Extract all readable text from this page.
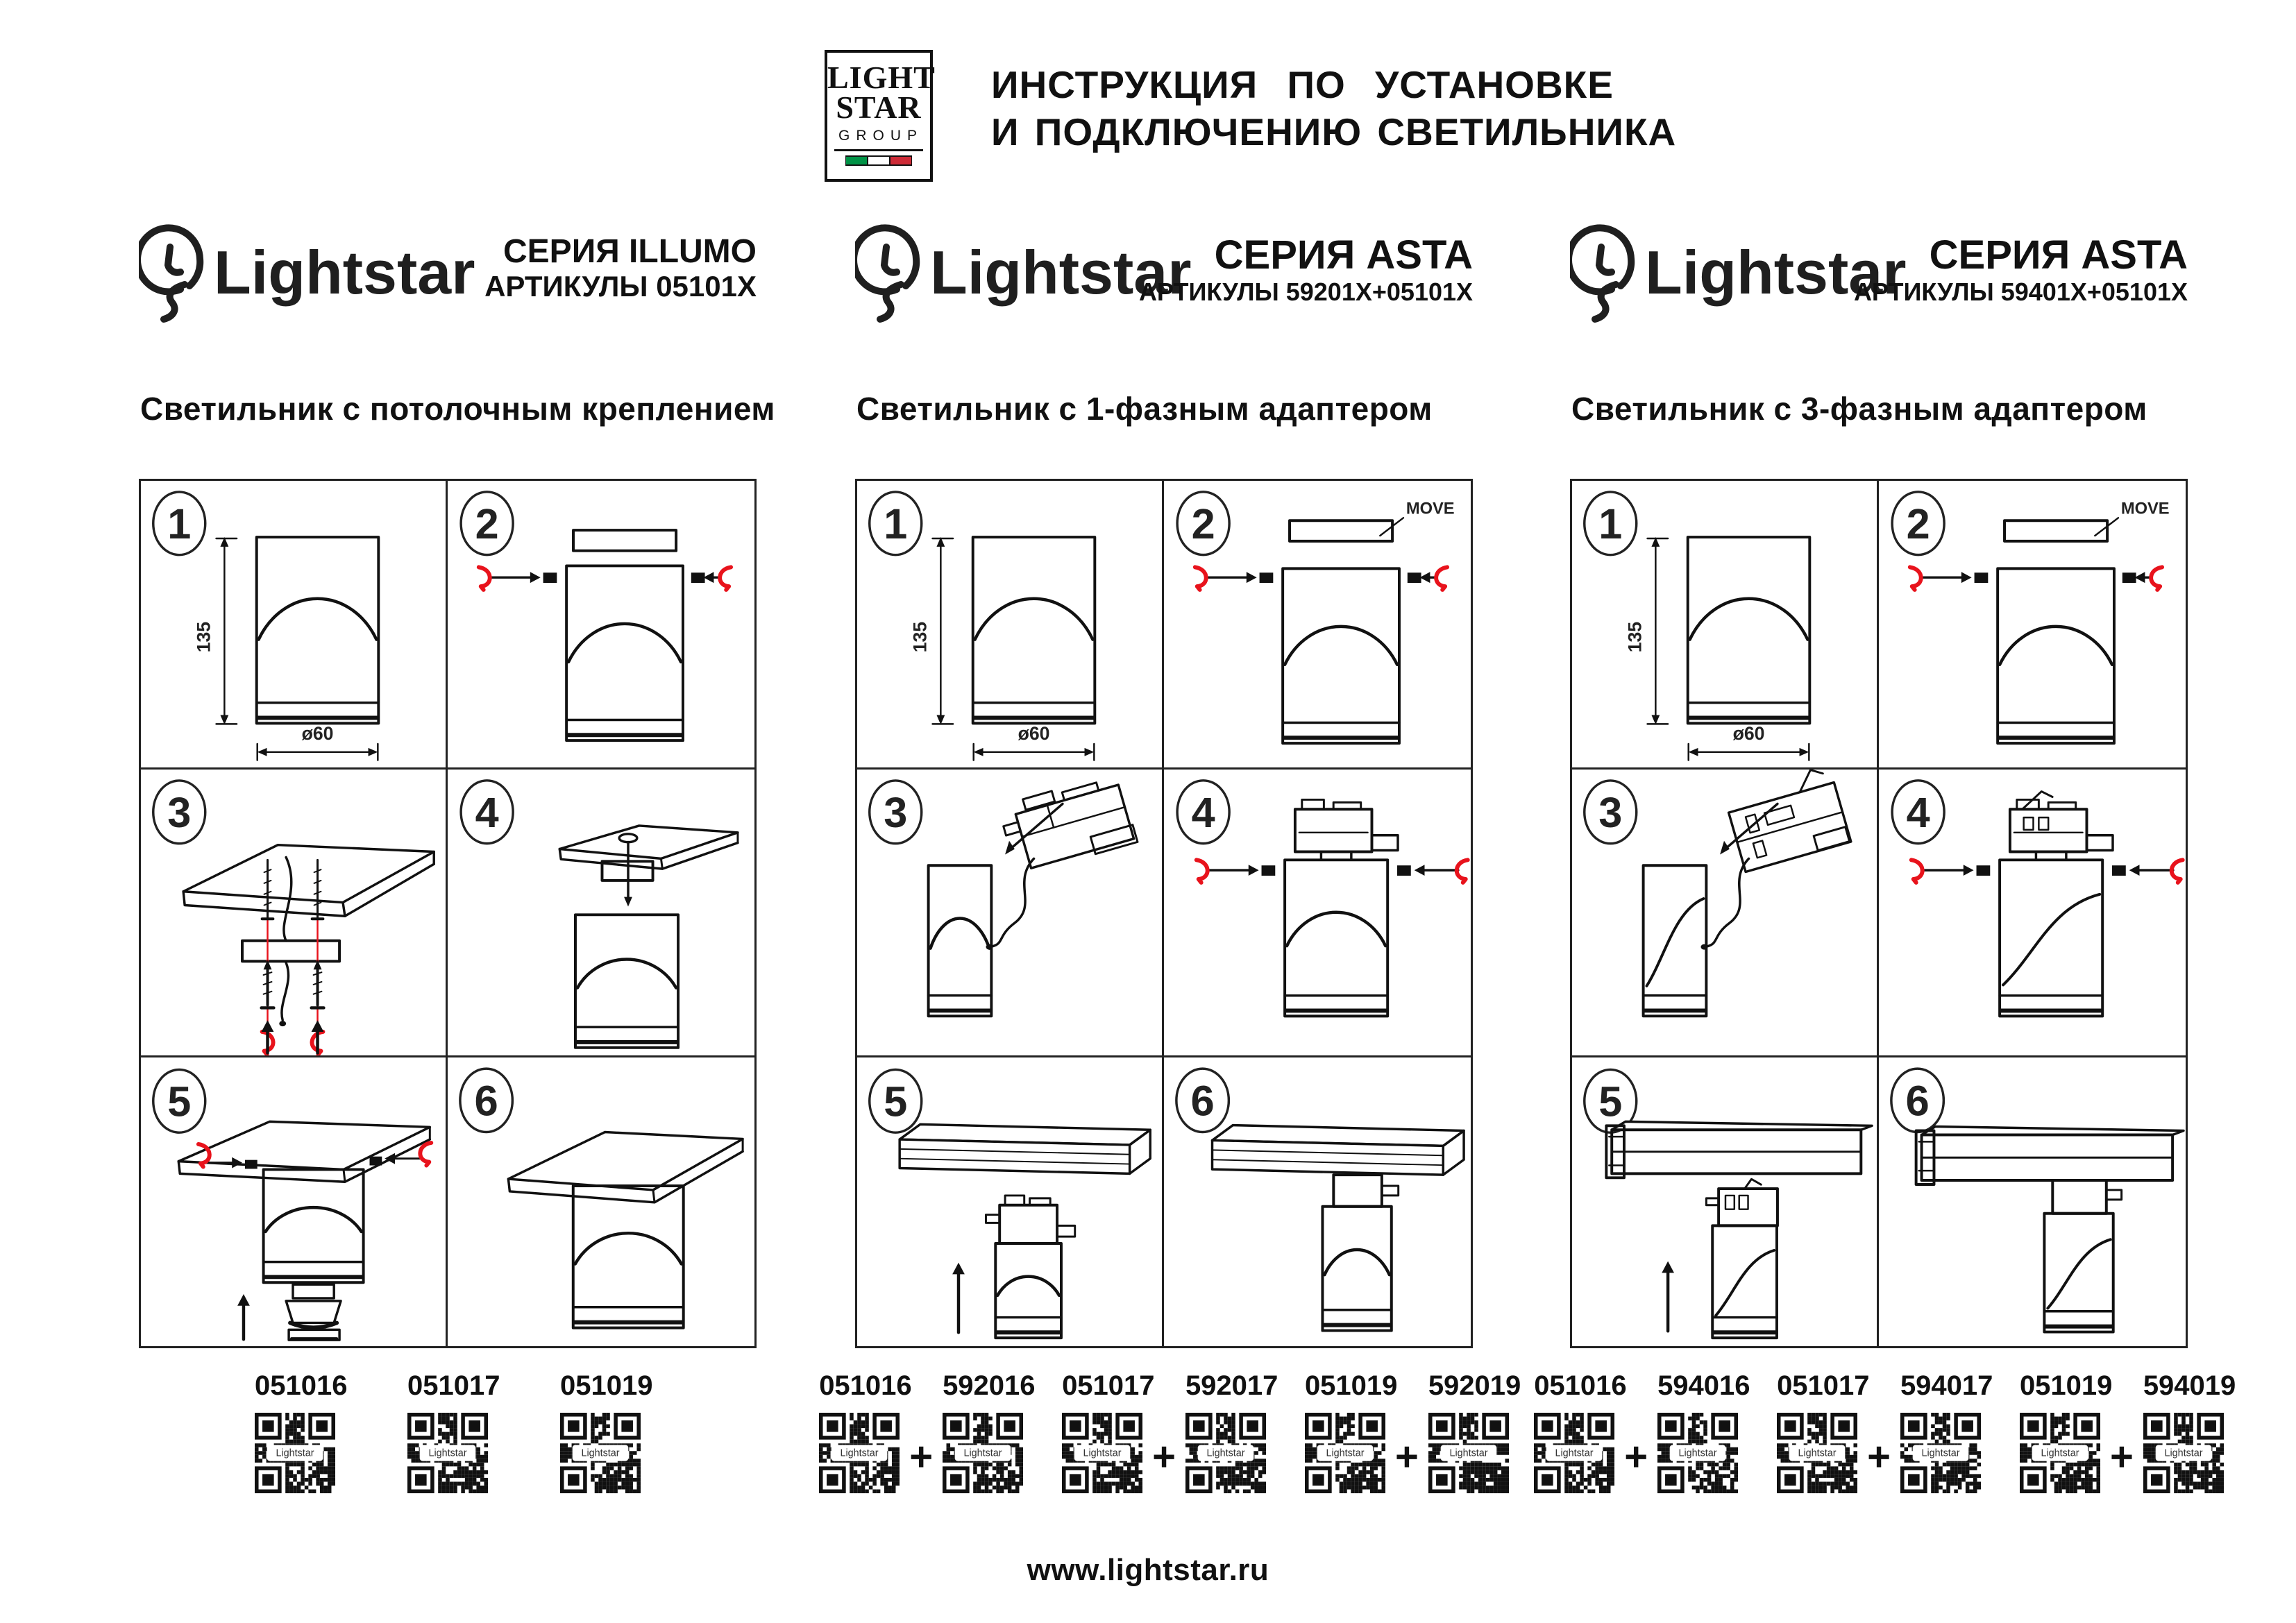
LIGHT
STAR
GROUP
ИНСТРУКЦИЯ ПО УСТАНОВКЕ
И ПОДКЛЮЧЕНИЮ СВЕТИЛЬНИКА
Lightstar СЕРИЯ ILLUMO
АРТИКУЛЫ 05101X
Светильник с потолочным креплением
1
135
ø60
2
3	4
5	6
051016
Lightstar
051017
Lightstar
051019
Lightstar
Lightstar СЕРИЯ ASTA
АРТИКУЛЫ 59201X+05101X
Светильник с 1-фазным адаптером
1
135
ø60
2	MOVE
3	4
5	6
051016
Lightstar +
592016
Lightstar
051017
Lightstar +
592017
Lightstar
051019
Lightstar +
592019
Lightstar
Lightstar СЕРИЯ ASTA
АРТИКУЛЫ 59401X+05101X
Светильник с 3-фазным адаптером
1
135
ø60
2	MOVE
3	4
5	6
051016
Lightstar +
594016
Lightstar
051017
Lightstar +
594017
Lightstar
051019
Lightstar +
594019
Lightstar
www.lightstar.ru
